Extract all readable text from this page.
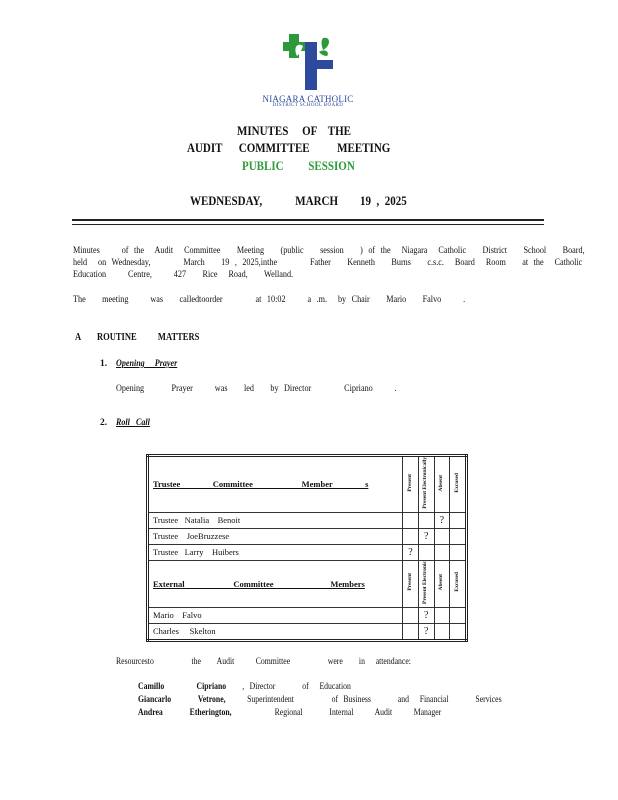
NIAGARA CATHOLIC
DISTRICT SCHOOL BOARD
MINUTES     OF    THE
AUDIT      COMMITTEE          MEETING
PUBLIC         SESSION
WEDNESDAY,            MARCH        19  ,  2025
Minutes    of the  Audit  Committee   Meeting   (public   session   ) of the  Niagara  Catholic   District   School   Board,
held  on Wednesday,      March   19 , 2025,inthe      Father   Kenneth   Burns   c.s.c.  Board  Room   at the  Catholic
Education    Centre,    427   Rice  Road,   Welland.
The   meeting    was   calledtoorder      at 10:02    a .m.  by Chair   Mario   Falvo    .
A ROUTINE          MATTERS
1. Opening     Prayer
Opening     Prayer    was   led   by Director      Cipriano    .
2. Roll   Call
Trustee    Committee      Member    s	Present	Present Electronically	Absent	Excused
Trustee   Natalia    Benoit			?	
Trustee    JoeBruzzese		?		
Trustee   Larry    Huibers	?			
External      Committee       Members	Present	Present Electronic	Absent	Excused
Mario    Falvo		?		
Charles     Skelton		?		
Resourcesto       the   Audit    Committee       were   in  attendance:
Camillo      Cipriano , Director     of  Education
Giancarlo     Vetrone, Superintendent       of Business     and  Financial     Services
Andrea     Etherington,	Regional     Internal    Audit    Manager
